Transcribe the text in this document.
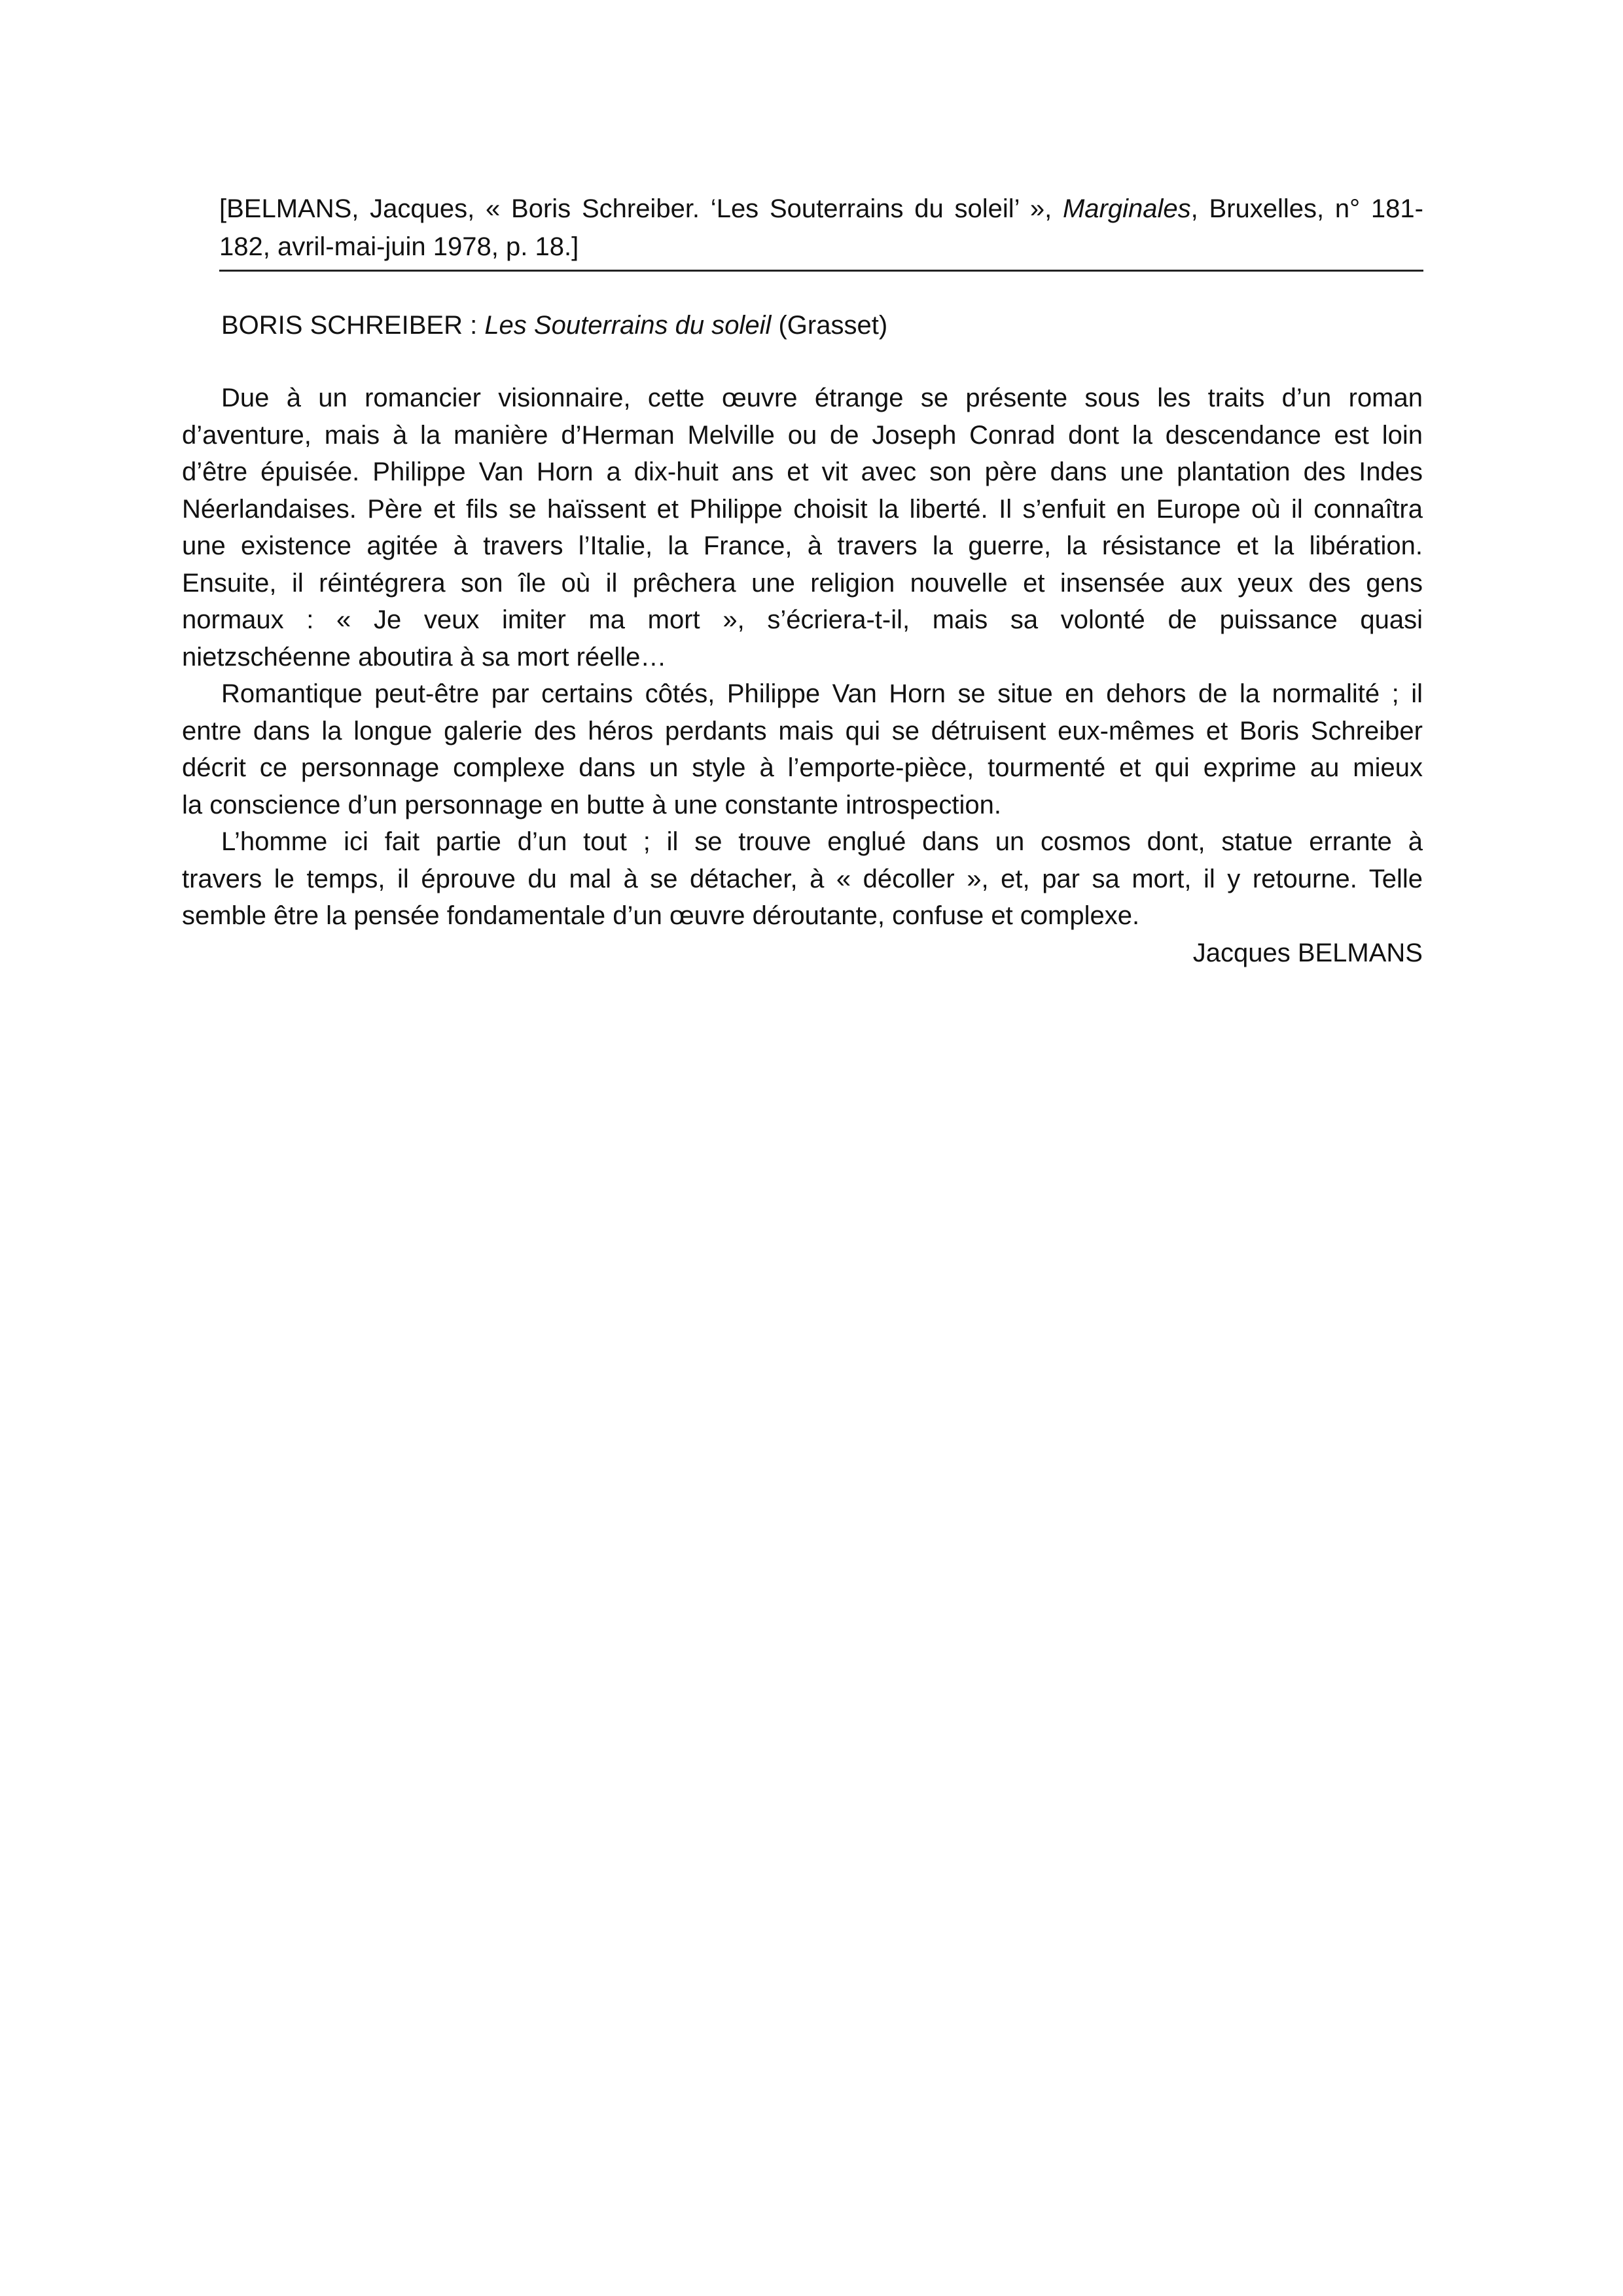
[BELMANS, Jacques, « Boris Schreiber. ‘Les Souterrains du soleil’ », Marginales, Bruxelles, n° 181-
182, avril-mai-juin 1978, p. 18.]
BORIS SCHREIBER : Les Souterrains du soleil (Grasset)
Due à un romancier visionnaire, cette œuvre étrange se présente sous les traits d’un roman
d’aventure, mais à la manière d’Herman Melville ou de Joseph Conrad dont la descendance est loin
d’être épuisée. Philippe Van Horn a dix-huit ans et vit avec son père dans une plantation des Indes
Néerlandaises. Père et fils se haïssent et Philippe choisit la liberté. Il s’enfuit en Europe où il connaîtra
une existence agitée à travers l’Italie, la France, à travers la guerre, la résistance et la libération.
Ensuite, il réintégrera son île où il prêchera une religion nouvelle et insensée aux yeux des gens
normaux : « Je veux imiter ma mort », s’écriera-t-il, mais sa volonté de puissance quasi
nietzschéenne aboutira à sa mort réelle…
Romantique peut-être par certains côtés, Philippe Van Horn se situe en dehors de la normalité ; il
entre dans la longue galerie des héros perdants mais qui se détruisent eux-mêmes et Boris Schreiber
décrit ce personnage complexe dans un style à l’emporte-pièce, tourmenté et qui exprime au mieux
la conscience d’un personnage en butte à une constante introspection.
L’homme ici fait partie d’un tout ; il se trouve englué dans un cosmos dont, statue errante à
travers le temps, il éprouve du mal à se détacher, à « décoller », et, par sa mort, il y retourne. Telle
semble être la pensée fondamentale d’un œuvre déroutante, confuse et complexe.
Jacques BELMANS
